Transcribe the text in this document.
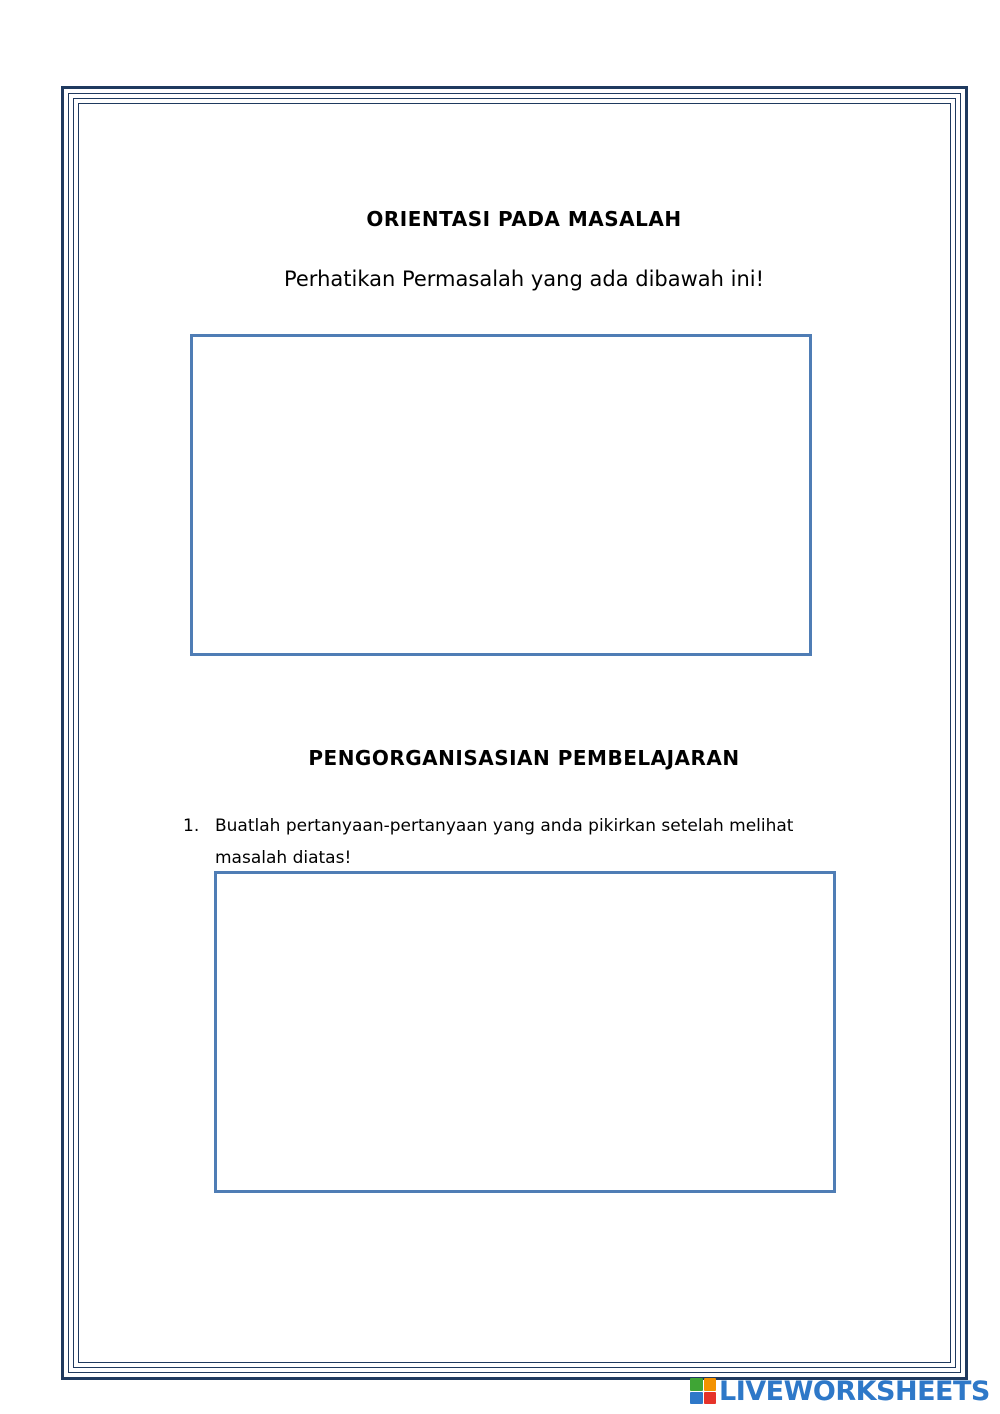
ORIENTASI PADA MASALAH
Perhatikan Permasalah yang ada dibawah ini!
PENGORGANISASIAN PEMBELAJARAN
1. Buatlah pertanyaan-pertanyaan yang anda pikirkan setelah melihat
masalah diatas!
LIVEWORKSHEETS
